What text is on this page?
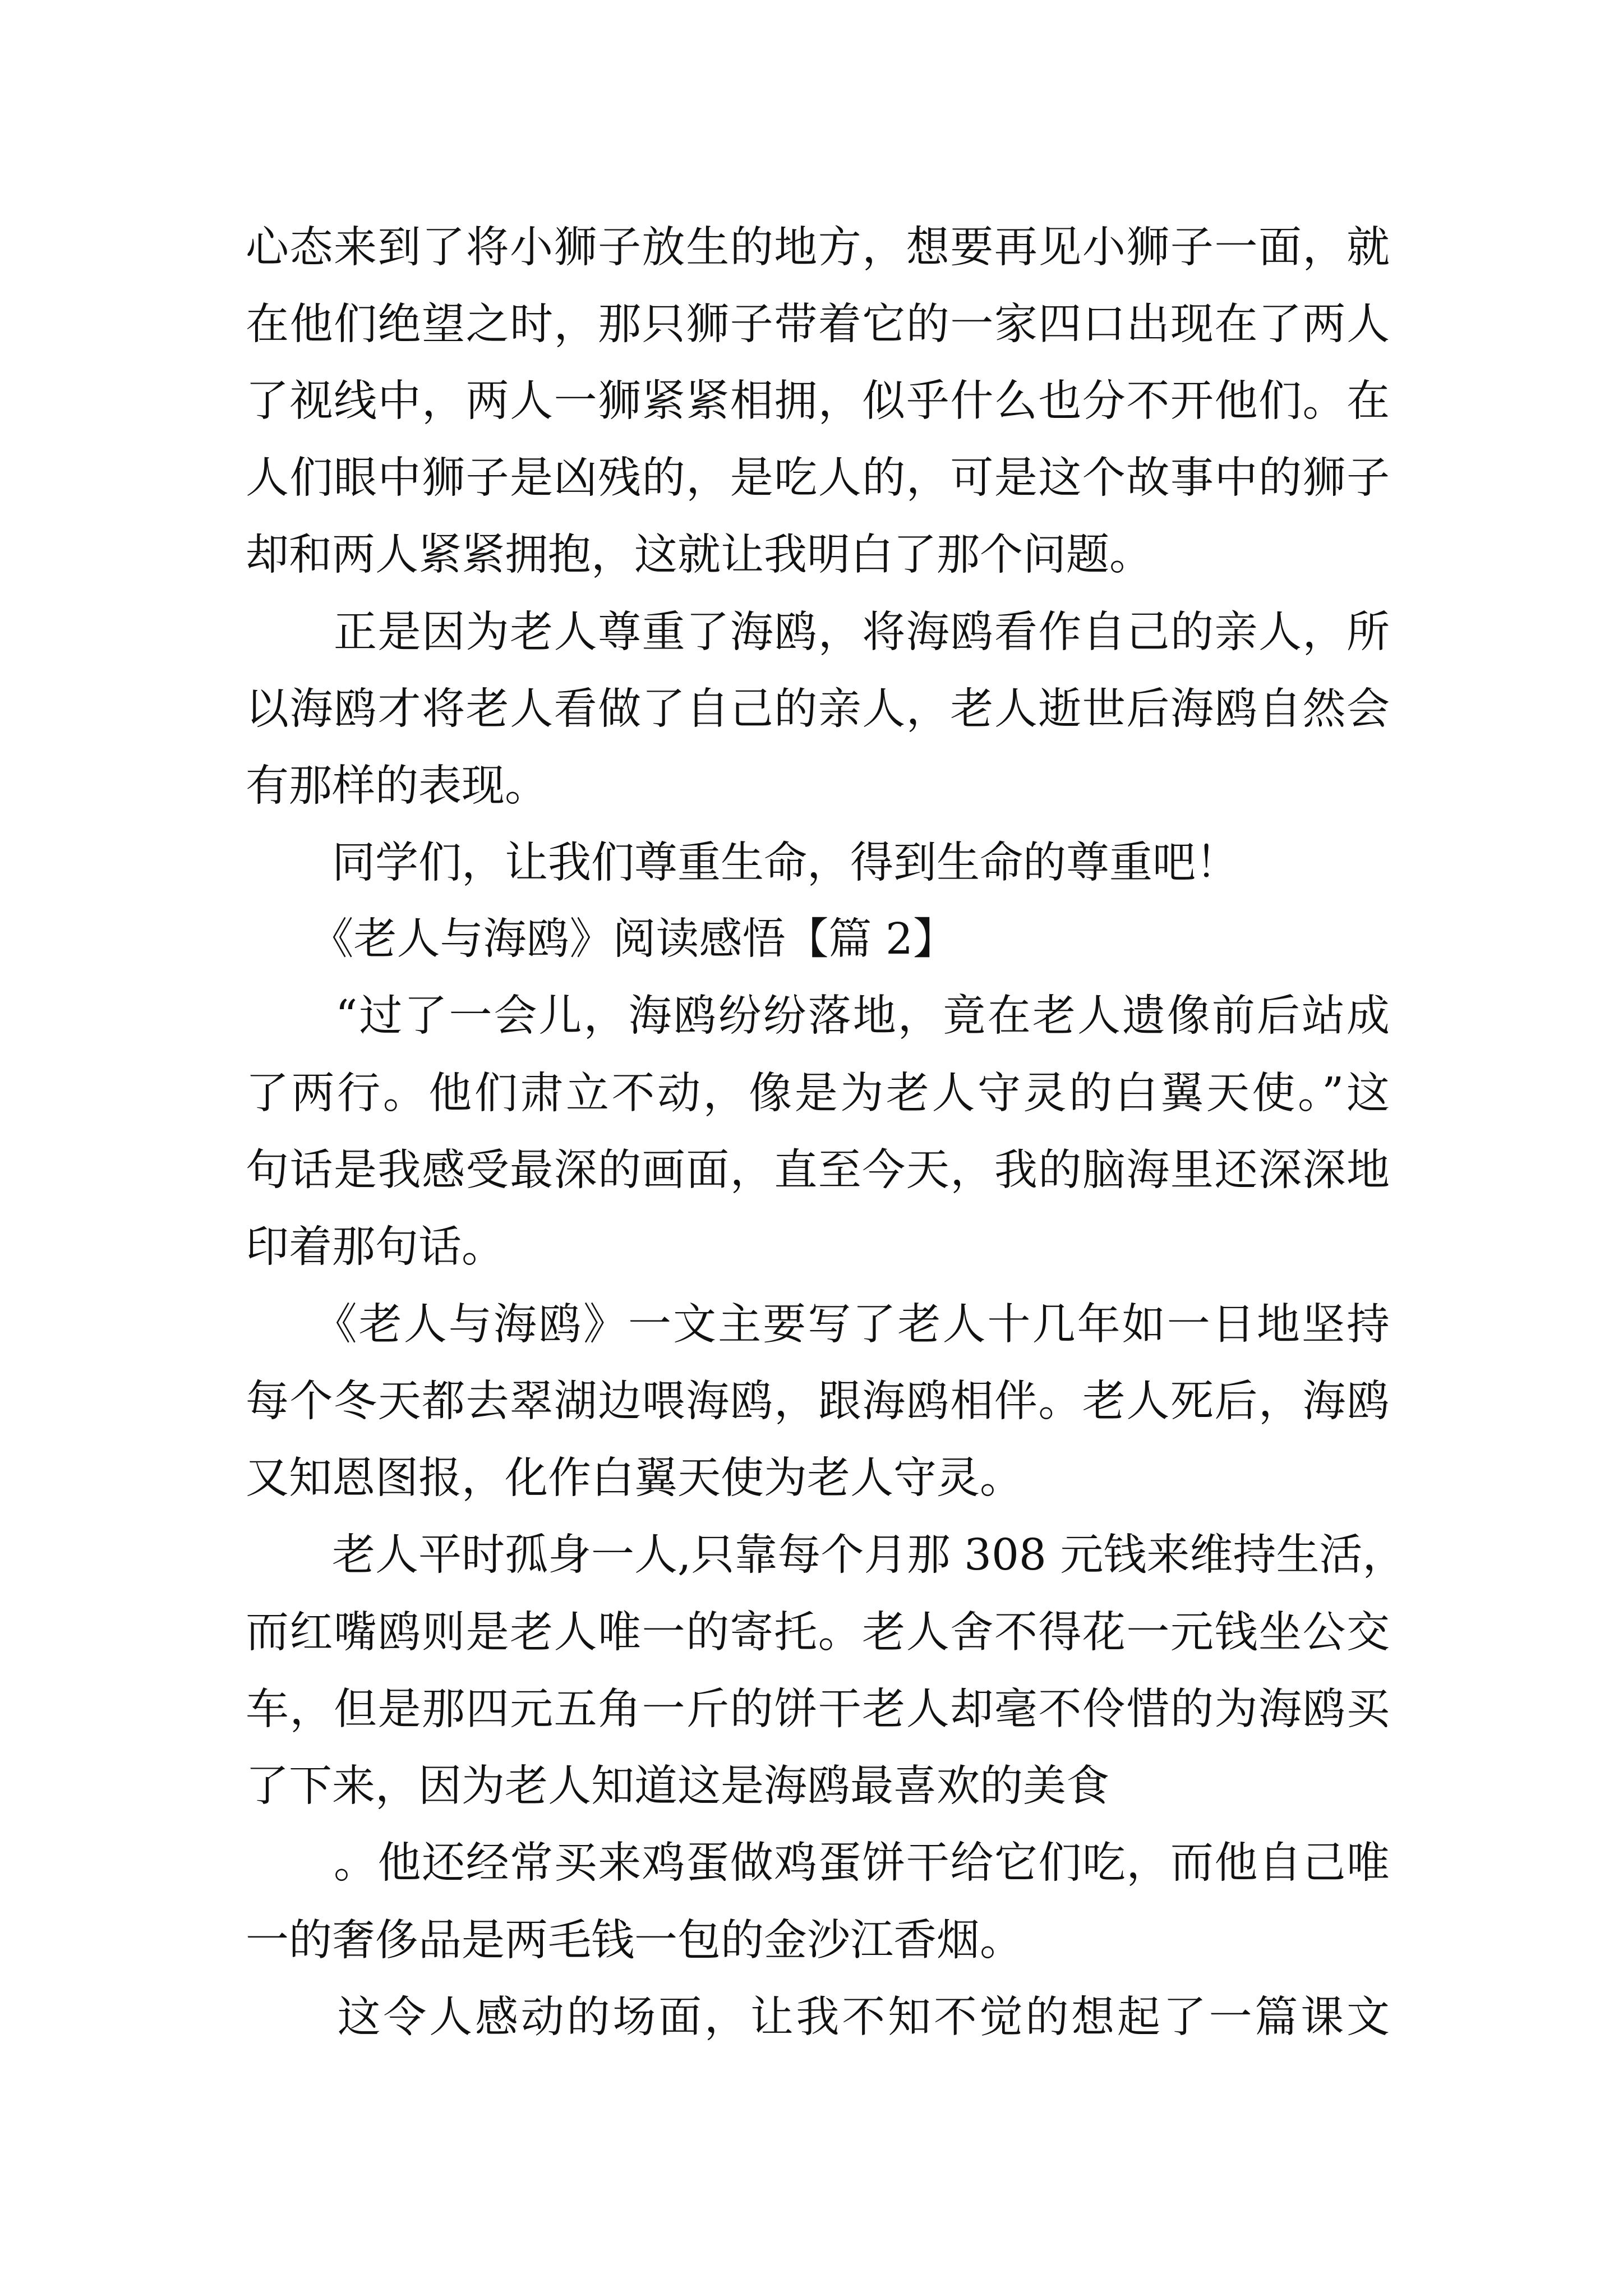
心态来到了将小狮子放生的地方，想要再见小狮子一面，就
在他们绝望之时，那只狮子带着它的一家四口出现在了两人
了视线中，两人一狮紧紧相拥，似乎什么也分不开他们。在
人们眼中狮子是凶残的，是吃人的，可是这个故事中的狮子
却和两人紧紧拥抱，这就让我明白了那个问题。
　　正是因为老人尊重了海鸥，将海鸥看作自己的亲人，所
以海鸥才将老人看做了自己的亲人，老人逝世后海鸥自然会
有那样的表现。
　　同学们，让我们尊重生命，得到生命的尊重吧！
　　《老人与海鸥》阅读感悟【篇 2】
　　“过了一会儿，海鸥纷纷落地，竟在老人遗像前后站成
了两行。他们肃立不动，像是为老人守灵的白翼天使。”这
句话是我感受最深的画面，直至今天，我的脑海里还深深地
印着那句话。
　　《老人与海鸥》一文主要写了老人十几年如一日地坚持
每个冬天都去翠湖边喂海鸥，跟海鸥相伴。老人死后，海鸥
又知恩图报，化作白翼天使为老人守灵。
　　老人平时孤身一人,只靠每个月那 308 元钱来维持生活，
而红嘴鸥则是老人唯一的寄托。老人舍不得花一元钱坐公交
车，但是那四元五角一斤的饼干老人却毫不伶惜的为海鸥买
了下来，因为老人知道这是海鸥最喜欢的美食
　　。他还经常买来鸡蛋做鸡蛋饼干给它们吃，而他自己唯
一的奢侈品是两毛钱一包的金沙江香烟。
　　这令人感动的场面，让我不知不觉的想起了一篇课文
